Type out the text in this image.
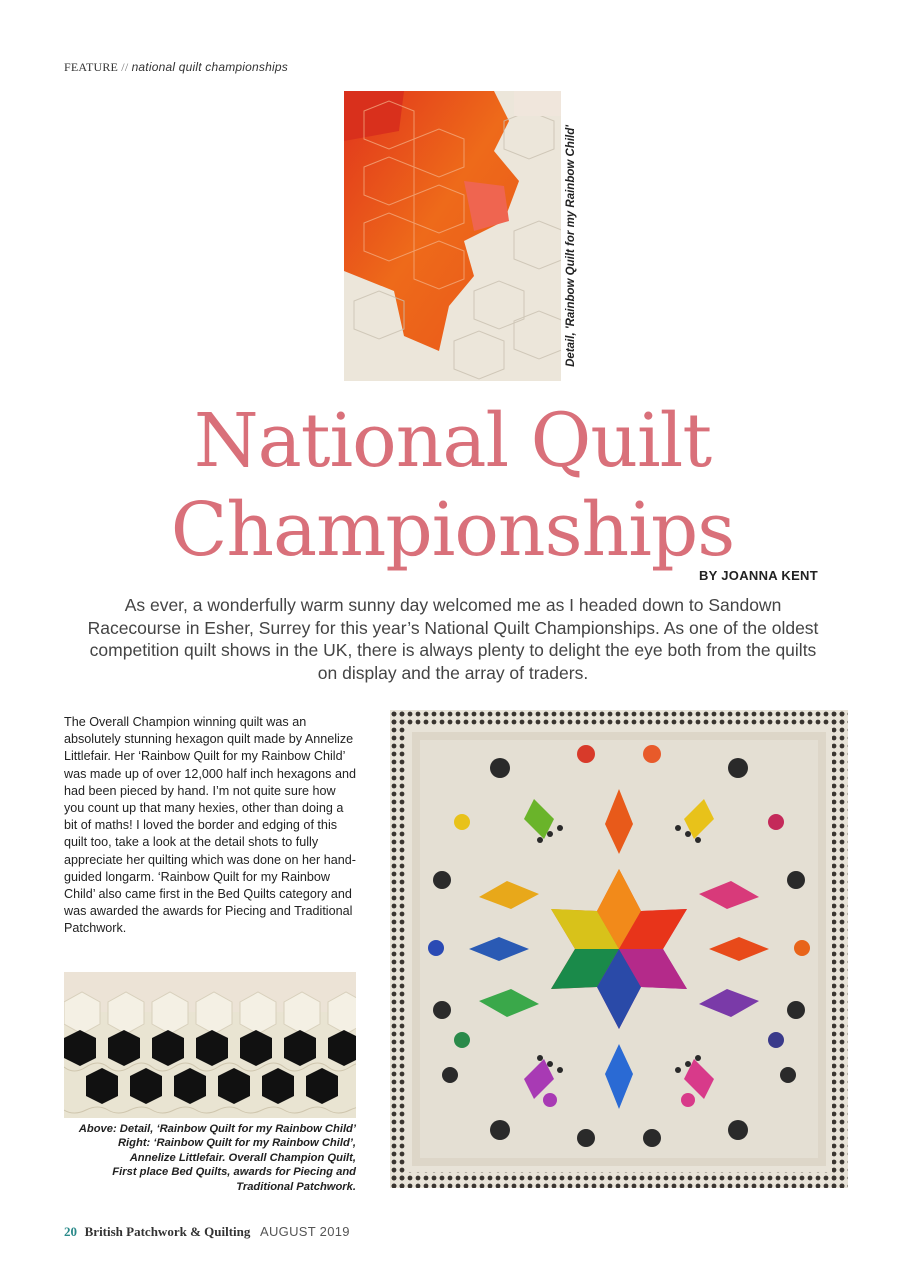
FEATURE // national quilt championships
Detail, 'Rainbow Quilt for my Rainbow Child'
National Quilt
Championships
BY JOANNA KENT
As ever, a wonderfully warm sunny day welcomed me as I headed down to Sandown Racecourse in Esher, Surrey for this year’s National Quilt Championships. As one of the oldest competition quilt shows in the UK, there is always plenty to delight the eye both from the quilts on display and the array of traders.
The Overall Champion winning quilt was an absolutely stunning hexagon quilt made by Annelize Littlefair. Her ‘Rainbow Quilt for my Rainbow Child’ was made up of over 12,000 half inch hexagons and had been pieced by hand. I’m not quite sure how you count up that many hexies, other than doing a bit of maths! I loved the border and edging of this quilt too, take a look at the detail shots to fully appreciate her quilting which was done on her hand-guided longarm. ‘Rainbow Quilt for my Rainbow Child’ also came first in the Bed Quilts category and was awarded the awards for Piecing and Traditional Patchwork.
Above: Detail, ‘Rainbow Quilt for my Rainbow Child’
Right: ‘Rainbow Quilt for my Rainbow Child’,
Annelize Littlefair. Overall Champion Quilt,
First place Bed Quilts, awards for Piecing and
Traditional Patchwork.
20 British Patchwork & Quilting AUGUST 2019
